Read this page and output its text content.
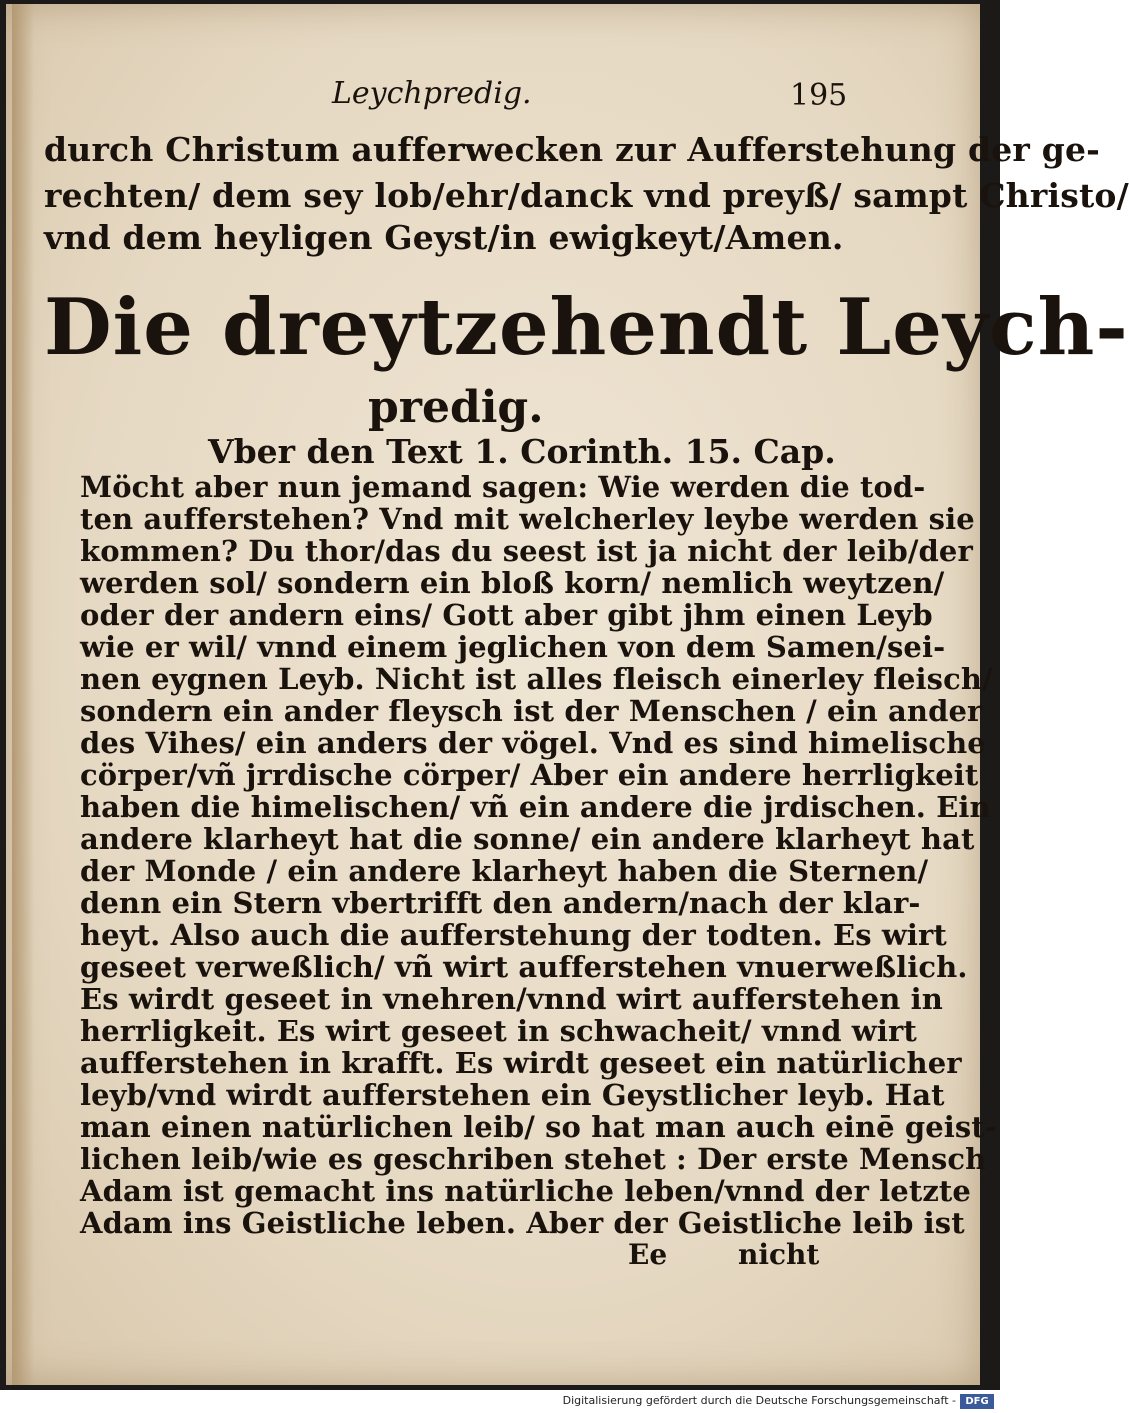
Leychpredig.	195
durch Christum aufferwecken zur Aufferstehung der ge-
rechten/ dem sey lob/ehr/danck vnd preyß/ sampt Christo/
vnd dem heyligen Geyst/in ewigkeyt/Amen.
Die dreytzehendt Leych-
predig.
Vber den Text 1. Corinth. 15. Cap.
Möcht aber nun jemand sagen: Wie werden die tod-
ten aufferstehen? Vnd mit welcherley leybe werden sie
kommen? Du thor/das du seest ist ja nicht der leib/der
werden sol/ sondern ein bloß korn/ nemlich weytzen/
oder der andern eins/ Gott aber gibt jhm einen Leyb
wie er wil/ vnnd einem jeglichen von dem Samen/sei-
nen eygnen Leyb. Nicht ist alles fleisch einerley fleisch/
sondern ein ander fleysch ist der Menschen / ein ander
des Vihes/ ein anders der vögel. Vnd es sind himelische
cörper/vñ jrrdische cörper/ Aber ein andere herrligkeit
haben die himelischen/ vñ ein andere die jrdischen. Ein
andere klarheyt hat die sonne/ ein andere klarheyt hat
der Monde / ein andere klarheyt haben die Sternen/
denn ein Stern vbertrifft den andern/nach der klar-
heyt. Also auch die aufferstehung der todten. Es wirt
geseet verweßlich/ vñ wirt aufferstehen vnuerweßlich.
Es wirdt geseet in vnehren/vnnd wirt aufferstehen in
herrligkeit. Es wirt geseet in schwacheit/ vnnd wirt
aufferstehen in krafft. Es wirdt geseet ein natürlicher
leyb/vnd wirdt aufferstehen ein Geystlicher leyb. Hat
man einen natürlichen leib/ so hat man auch einē geist-
lichen leib/wie es geschriben stehet : Der erste Mensch
Adam ist gemacht ins natürliche leben/vnnd der letzte
Adam ins Geistliche leben. Aber der Geistliche leib ist
Ee	nicht
Digitalisierung gefördert durch die Deutsche Forschungsgemeinschaft - DFG
